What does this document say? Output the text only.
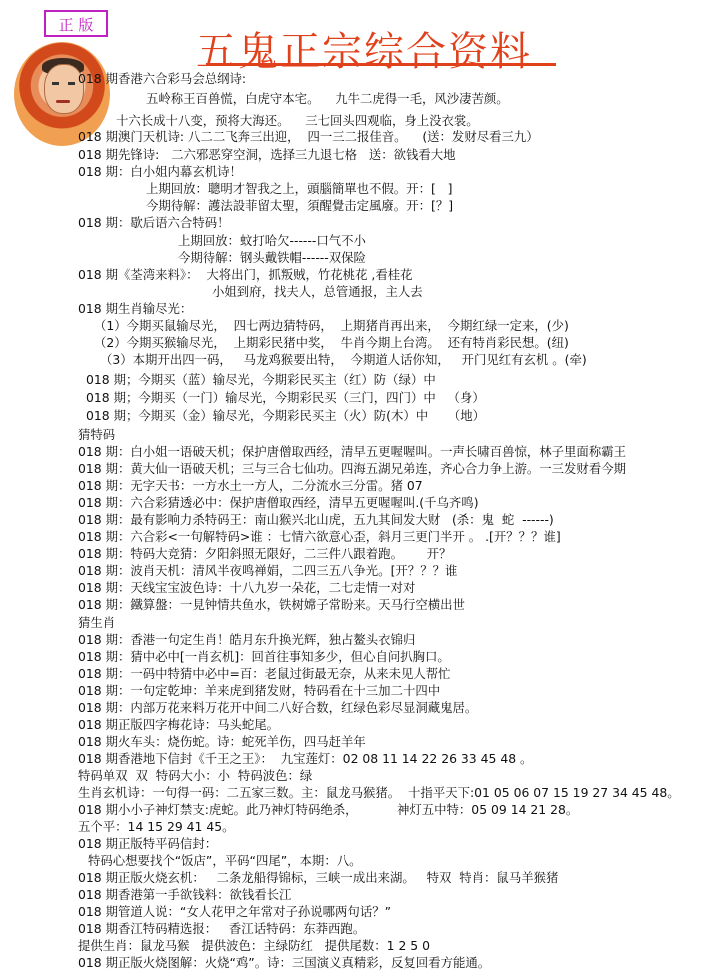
正 版
五鬼正宗综合资料
018 期香港六合彩马会总纲诗:
五岭称王百兽慌，白虎守本宅。    九牛二虎得一毛，风沙凄苦颜。
十六长成十八变，预将大海还。    三七回头四观临，身上没衣裳。
018 期澳门天机诗: 八二二飞奔三出迎，  四一三二报佳音。    (送：发财尽看三九）
018 期先锋诗:   二六邪恶穿空洞，选择三九退七格   送：欲钱看大地
018 期：白小姐内幕玄机诗！
上期回放：聰明才智我之上，頭腦簡單也不假。开：[   ]
今期待解：護法設菲留太聖，須醒覺击定風廢。开：[？]
018 期：歇后语六合特码！
上期回放：蚊打哈欠------口气不小
今期待解：钢头戴铁帽------双保险
018 期《荃湾来料》：  大将出门，抓叛贼，竹花桃花 ,看桂花
小姐到府，找夫人，总管通报，主人去
018 期生肖输尽光：
（1）今期买鼠输尽光，  四七两边猜特码，  上期猪肖再出来，  今期红绿一定来，(少)
（2）今期买猴输尽光，  上期彩民猪中奖，  牛肖今期上台湾。  还有特肖彩民想。(纽)
（3）本期开出四一码，   马龙鸡猴要出特，  今期道人话你知，   开门见红有玄机 。(牵)
018 期；今期买（蓝）输尽光，今期彩民买主（红）防（绿）中
018 期；今期买（一门）输尽光，今期彩民买（三门，四门）中   （身）
018 期；今期买（金）输尽光，今期彩民买主（火）防(木）中     （地）
猜特码
018 期：白小姐一语破天机；保护唐僧取西经，清早五更喔喔叫。一声长啸百兽惊，林子里面称霸王
018 期：黄大仙一语破天机；三与三合七仙功。四海五湖兄弟连，齐心合力争上游。一三发财看今期
018 期：无字天书：一方水土一方人，二分流水三分雷。猪 07
018 期：六合彩猜透必中：保护唐僧取西经，清早五更喔喔叫.(千乌齐鸣)
018 期：最有影响力杀特码王：南山猴兴北山虎，五九其间发大财   (杀：鬼  蛇  ------)
018 期：六合彩<一句解特码>谁 ：七情六欲意心歪，斜月三更门半开 。 .[开？？？谁]
018 期：特码大竞猜：夕阳斜照无限好，二三件八跟着跑。      开？
018 期：波肖天机：清风半夜鸣禅娟，二四三五八争光。[开？？？谁
018 期：天线宝宝波色诗：十八九岁一朵花，二七走情一对对
018 期：鐵算盤：一見钟情共鱼水，铁树嫦子常盼来。天马行空横出世
猜生肖
018 期：香港一句定生肖！皓月东升换光辉，独占鳌头衣锦归
018 期：猜中必中[一肖玄机]：回首往事知多少，但心自问扒胸口。
018 期：一码中特猜中必中=百：老鼠过街最无奈，从来未见人帮忙
018 期：一句定乾坤：羊来虎到猪发财，特码看在十三加二十四中
018 期：内部万花来料万花开中间二八好合数，红绿色彩尽显洞藏鬼居。
018 期正版四字梅花诗：马头蛇尾。
018 期火车头：烧伤蛇。诗：蛇死羊伤，四马赶羊年
018 期香港地下信封《千王之王》：  九宝莲灯：02 08 11 14 22 26 33 45 48 。
特码单双  双  特码大小：小  特码波色：绿
生肖玄机诗：一句得一码：二五家三数。主：鼠龙马猴猪。  十指平天下:01 05 06 07 15 19 27 34 45 48。
018 期小小子神灯禁支:虎蛇。此乃神灯特码绝杀，          神灯五中特：05 09 14 21 28。
五个平：14 15 29 41 45。
018 期正版特平码信封：
特码心想要找个“饭店”，平码“四尾”，本期：八。
018 期正版火烧玄机：   二条龙船得锦标，三峡一成出来湖。   特双  特肖：鼠马羊猴猪
018 期香港第一手欲钱料：欲钱看长江
018 期管道人说：“女人花甲之年常对子孙说哪两句话？”
018 期香江特码精选报：   香江话特码：东莽西跑。
提供生肖：鼠龙马猴   提供波色：主绿防红   提供尾数：1 2 5 0
018 期正版火烧图解：火烧“鸡”。诗：三国演义真精彩，反复回看方能通。
